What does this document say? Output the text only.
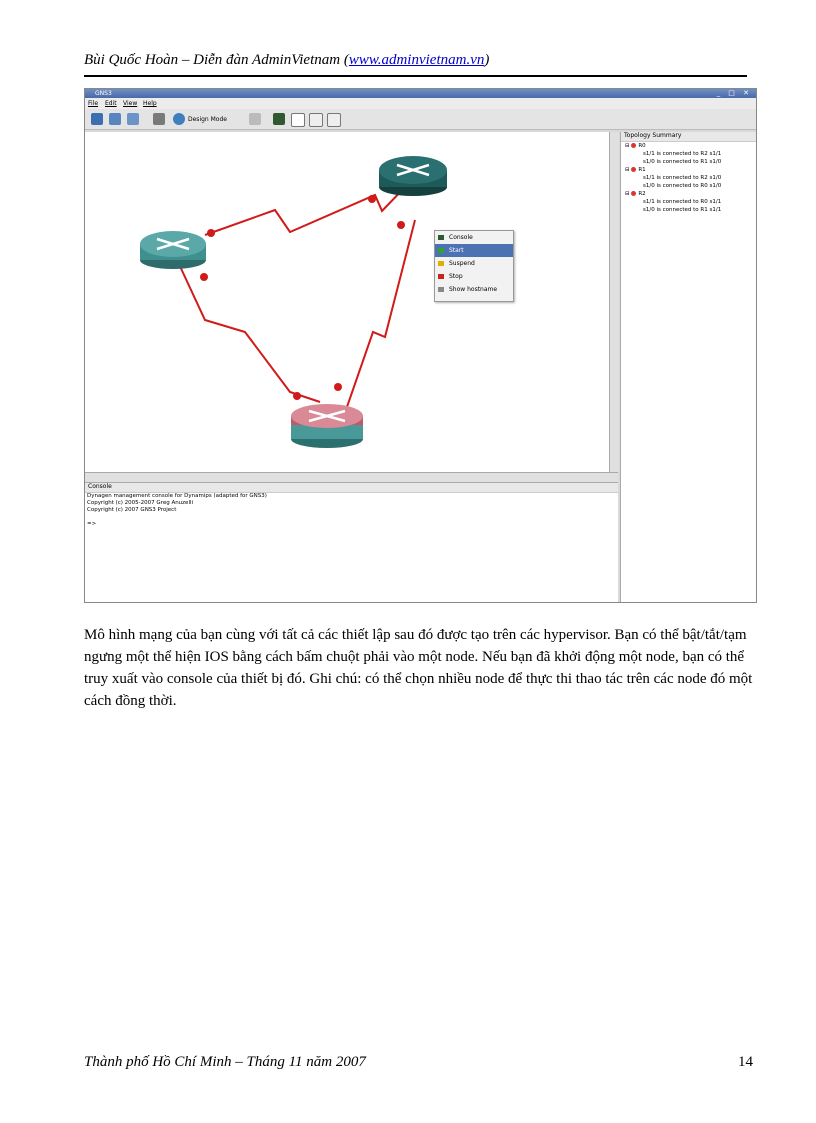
Bùi Quốc Hoàn – Diễn đàn AdminVietnam (www.adminvietnam.vn)
GNS3	_ □ ✕
File Edit View Help
Design Mode
Console
Start
Suspend
Stop
Show hostname
Topology Summary
⊟ R0
s1/1 is connected to R2 s1/1
s1/0 is connected to R1 s1/0
⊟ R1
s1/1 is connected to R2 s1/0
s1/0 is connected to R0 s1/0
⊟ R2
s1/1 is connected to R0 s1/1
s1/0 is connected to R1 s1/1
Console
Dynagen management console for Dynamips (adapted for GNS3)
Copyright (c) 2005-2007 Greg Anuzelli
Copyright (c) 2007 GNS3 Project

=>

Mô hình mạng của bạn cùng với tất cả các thiết lập sau đó được tạo trên các hypervisor. Bạn có thể bật/tắt/tạm ngưng một thể hiện IOS bằng cách bấm chuột phải vào một node. Nếu bạn đã khởi động một node, bạn có thể truy xuất vào console của thiết bị đó. Ghi chú: có thể chọn nhiều node để thực thi thao tác trên các node đó một cách đồng thời.

Thành phố Hồ Chí Minh – Tháng 11 năm 2007	14
